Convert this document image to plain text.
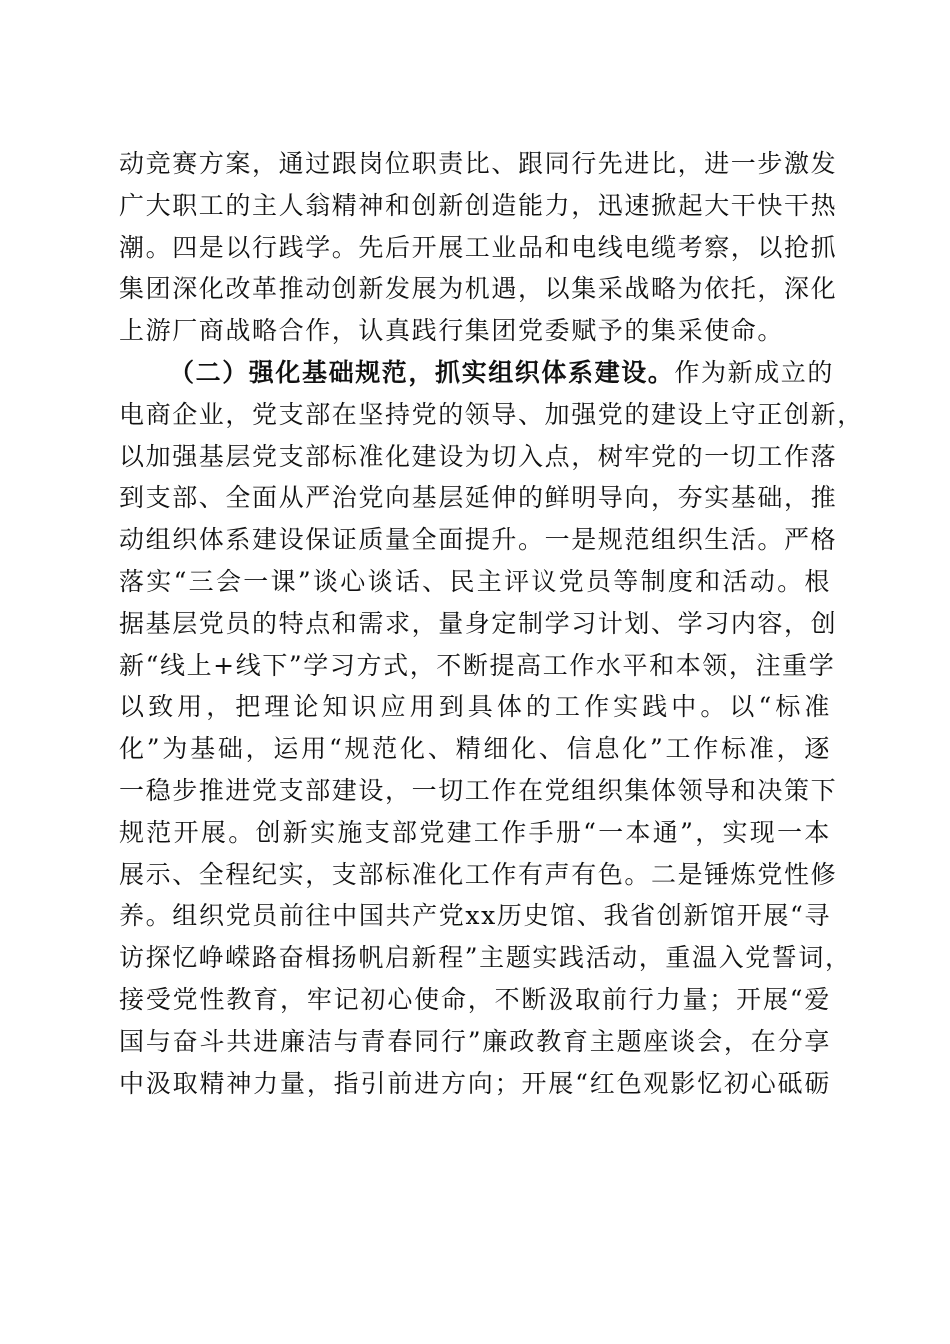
动竞赛方案，通过跟岗位职责比、跟同行先进比，进一步激发
广大职工的主人翁精神和创新创造能力，迅速掀起大干快干热
潮。四是以行践学。先后开展工业品和电线电缆考察，以抢抓
集团深化改革推动创新发展为机遇，以集采战略为依托，深化
上游厂商战略合作，认真践行集团党委赋予的集采使命。
（二）强化基础规范，抓实组织体系建设。作为新成立的
电商企业，党支部在坚持党的领导、加强党的建设上守正创新，
以加强基层党支部标准化建设为切入点，树牢党的一切工作落
到支部、全面从严治党向基层延伸的鲜明导向，夯实基础，推
动组织体系建设保证质量全面提升。一是规范组织生活。严格
落实“三会一课”谈心谈话、民主评议党员等制度和活动。根
据基层党员的特点和需求，量身定制学习计划、学习内容，创
新“线上+线下”学习方式，不断提高工作水平和本领，注重学
以致用，把理论知识应用到具体的工作实践中。以“标准
化”为基础，运用“规范化、精细化、信息化”工作标准，逐
一稳步推进党支部建设，一切工作在党组织集体领导和决策下
规范开展。创新实施支部党建工作手册“一本通”，实现一本
展示、全程纪实，支部标准化工作有声有色。二是锤炼党性修
养。组织党员前往中国共产党xx历史馆、我省创新馆开展“寻
访探忆峥嵘路奋楫扬帆启新程”主题实践活动，重温入党誓词，
接受党性教育，牢记初心使命，不断汲取前行力量；开展“爱
国与奋斗共进廉洁与青春同行”廉政教育主题座谈会，在分享
中汲取精神力量，指引前进方向；开展“红色观影忆初心砥砺
